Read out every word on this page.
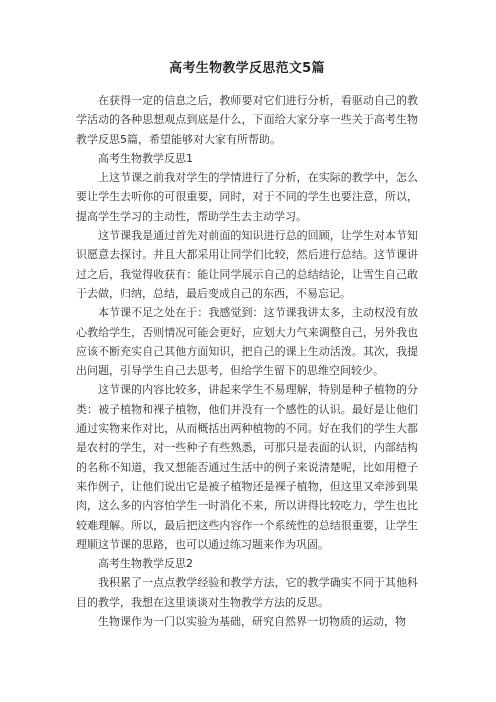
高考生物教学反思范文5篇

在获得一定的信息之后，教师要对它们进行分析，看驱动自己的教学活动的各种思想观点到底是什么，下面给大家分享一些关于高考生物教学反思5篇，希望能够对大家有所帮助。

高考生物教学反思1

上这节课之前我对学生的学情进行了分析，在实际的教学中，怎么要让学生去听你的可很重要，同时，对于不同的学生也要注意，所以，提高学生学习的主动性，帮助学生去主动学习。

这节课我是通过首先对前面的知识进行总的回顾，让学生对本节知识愿意去探讨。并且大都采用让同学们比较，然后进行总结。这节课讲过之后，我觉得收获有：能让同学展示自己的总结结论，让雪生自己敢于去做，归纳，总结，最后变成自己的东西，不易忘记。

本节课不足之处在于：我感觉到：这节课我讲太多，主动权没有放心教给学生，否则情况可能会更好，应划大力气来调整自己，另外我也应该不断充实自己其他方面知识，把自己的课上生动活泼。其次，我提出问题，引导学生自己去思考，但给学生留下的思维空间较少。

这节课的内容比较多，讲起来学生不易理解，特别是种子植物的分类：被子植物和裸子植物，他们并没有一个感性的认识。最好是让他们通过实物来作对比，从而概括出两种植物的不同。好在我们的学生大都是农村的学生，对一些种子有些熟悉，可那只是表面的认识，内部结构的名称不知道，我又想能否通过生活中的例子来说清楚呢，比如用橙子来作例子，让他们说出它是被子植物还是裸子植物，但这里又牵涉到果肉，这么多的内容怕学生一时消化不来，所以讲得比较吃力，学生也比较难理解。所以，最后把这些内容作一个系统性的总结很重要，让学生理顺这节课的思路，也可以通过练习题来作为巩固。

高考生物教学反思2

我积累了一点点教学经验和教学方法，它的教学确实不同于其他科目的教学，我想在这里谈谈对生物教学方法的反思。

生物课作为一门以实验为基础，研究自然界一切物质的运动，物
